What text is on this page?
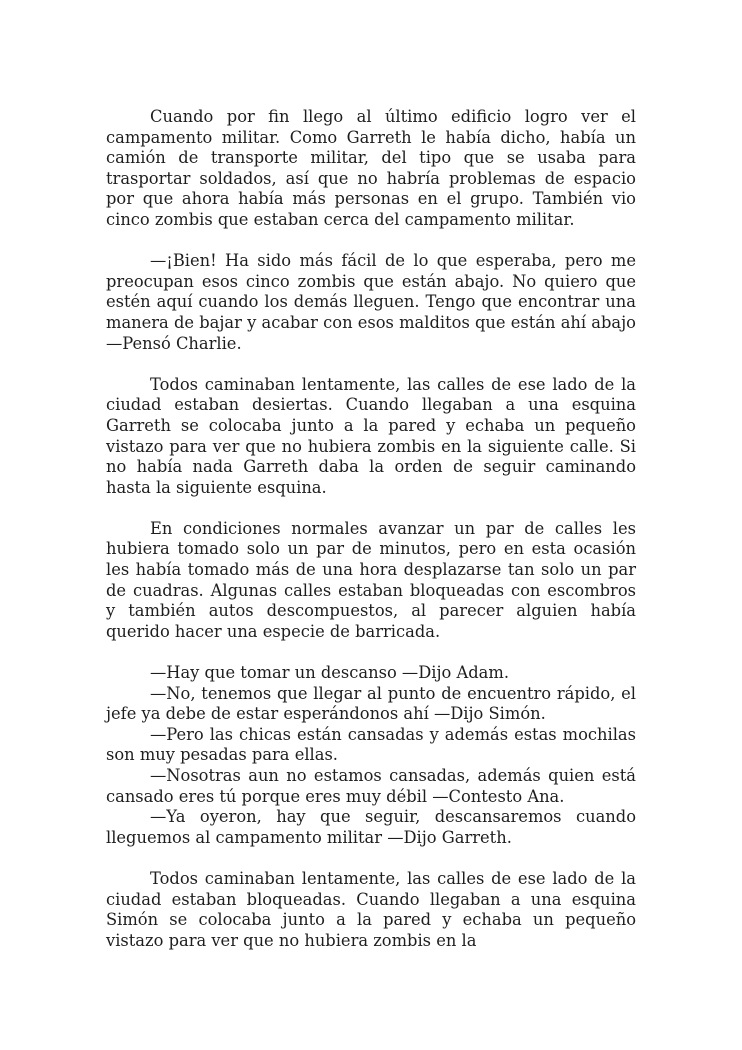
Cuando por fin llego al último edificio logro ver el campamento militar. Como Garreth le había dicho, había un camión de transporte militar, del tipo que se usaba para trasportar soldados, así que no habría problemas de espacio por que ahora había más personas en el grupo. También vio cinco zombis que estaban cerca del campamento militar.

—¡Bien! Ha sido más fácil de lo que esperaba, pero me preocupan esos cinco zombis que están abajo. No quiero que estén aquí cuando los demás lleguen. Tengo que encontrar una manera de bajar y acabar con esos malditos que están ahí abajo —Pensó Charlie.

Todos caminaban lentamente, las calles de ese lado de la ciudad estaban desiertas. Cuando llegaban a una esquina Garreth se colocaba junto a la pared y echaba un pequeño vistazo para ver que no hubiera zombis en la siguiente calle. Si no había nada Garreth daba la orden de seguir caminando hasta la siguiente esquina.

En condiciones normales avanzar un par de calles les hubiera tomado solo un par de minutos, pero en esta ocasión les había tomado más de una hora desplazarse tan solo un par de cuadras. Algunas calles estaban bloqueadas con escombros y también autos descompuestos, al parecer alguien había querido hacer una especie de barricada.

—Hay que tomar un descanso —Dijo Adam.

—No, tenemos que llegar al punto de encuentro rápido, el jefe ya debe de estar esperándonos ahí —Dijo Simón.

—Pero las chicas están cansadas y además estas mochilas son muy pesadas para ellas.

—Nosotras aun no estamos cansadas, además quien está cansado eres tú porque eres muy débil —Contesto Ana.

—Ya oyeron, hay que seguir, descansaremos cuando lleguemos al campamento militar —Dijo Garreth.

Todos caminaban lentamente, las calles de ese lado de la ciudad estaban bloqueadas. Cuando llegaban a una esquina Simón se colocaba junto a la pared y echaba un pequeño vistazo para ver que no hubiera zombis en la
